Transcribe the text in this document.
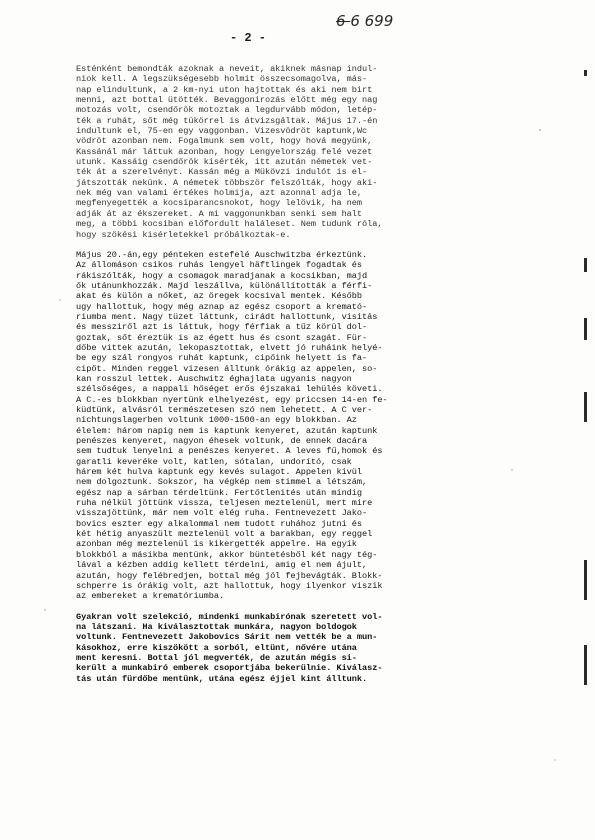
6 6 699
- 2 -
Esténként bemondták azoknak a neveit, akiknek másnap indul-
niok kell. A legszükségesebb holmit összecsomagolva, más-
nap elindultunk, a 2 km-nyi uton hajtottak és aki nem birt
menni, azt bottal ütötték. Bevaggonirozás előtt még egy nag
motozás volt, csendőrök motoztak a legdurvább módon, letép-
ték a ruhát, sőt még tükörrel is átvizsgáltak. Május 17.-én
indultunk el, 75-en egy vaggonban. Vizesvödröt kaptunk,Wc
vödröt azonban nem. Fogalmunk sem volt, hogy hová megyünk,
Kassánál már láttuk azonban, hogy Lengyelország felé vezet
utunk. Kassáig csendőrök kisérték, itt azután németek vet-
ték át a szerelvényt. Kassán még a Mükövzi indulót is el-
játszották nekünk. A németek többször felszólták, hogy aki-
nek még van valami értékes holmija, azt azonnal adja le,
megfenyegették a kocsiparancsnokot, hogy lelövik, ha nem
adják át az ékszereket. A mi vaggonunkban senki sem halt
meg, a többi kocsiban előfordult haláleset. Nem tudunk róla,
hogy szökési kisérletekkel próbálkoztak-e.
Május 20.-án,egy pénteken estefelé Auschwitzba érkeztünk.
Az állomáson csikos ruhás lengyel häftlingek fogadtak és
rákiszólták, hogy a csomagok maradjanak a kocsikban, majd
ők utánunkhozzák. Majd leszállva, különállították a férfi-
akat és külön a nőket, az öregek kocsival mentek. Később
ugy hallottuk, hogy még aznap az egész csoport a kremató-
riumba ment. Nagy tüzet láttunk, cirádt hallottunk, visitás
és messziről azt is láttuk, hogy férfiak a tűz körül dol-
goztak, sőt éreztük is az égett hus és csont szagát. Für-
dőbe vittek azután, lekopasztottak, elvett jó ruháink helyé-
be egy szál rongyos ruhát kaptunk, cipőink helyett is fa-
cipőt. Minden reggel vizesen álltunk órákig az appelen, so-
kan rosszul lettek. Auschwitz éghajlata ugyanis nagyon
szélsőséges, a nappali hőséget erős éjszakai lehülés követi.
A C.-es blokkban nyertünk elhelyezést, egy priccsen 14-en fe-
küdtünk, alvásról természetesen szó nem lehetett. A C ver-
nichtungslagerben voltunk 1000-1500-an egy blokkban. Az
élelem: három napig nem is kaptunk kenyeret, azután kaptunk
penészes kenyeret, nagyon éhesek voltunk, de ennek dacára
sem tudtuk lenyelni a penészes kenyeret. A leves fű,homok és
garatli keveréke volt, katlen, sótalan, undorító, csak
hárem két hulva kaptunk egy kevés sulagot. Appelen kivül
nem dolgoztunk. Sokszor, ha végkép nem stimmel a létszám,
egész nap a sárban térdeltünk. Fertőtlenités után mindig
ruha nélkül jöttünk vissza, teljesen meztelenül, mert mire
visszajöttünk, már nem volt elég ruha. Fentnevezett Jako-
bovics eszter egy alkalommal nem tudott ruhához jutni és
két hétig anyaszült meztelenül volt a barakban, egy reggel
azonban még meztelenül is kikergették appelre. Ha egyik
blokkból a másikba mentünk, akkor büntetésből két nagy tég-
lával a kézben addig kellett térdelni, amig el nem ájult,
azután, hogy felébredjen, bottal még jól fejbevágták. Blokk-
schperre is órákig volt, azt hallottuk, hogy ilyenkor viszik
az embereket a krematóriumba.
Gyakran volt szelekció, mindenki munkabirónak szeretett vol-
na látszani. Ha kiválasztottak munkára, nagyon boldogok
voltunk. Fentnevezett Jakobovics Sárit nem vették be a mun-
kásokhoz, erre kiszökött a sorból, eltünt, nővére utána
ment keresni. Bottal jól megverték, de azután mégis si-
került a munkabiró emberek csoportjába bekerülnie. Kiválasz-
tás után fürdőbe mentünk, utána egész éjjel kint álltunk.
